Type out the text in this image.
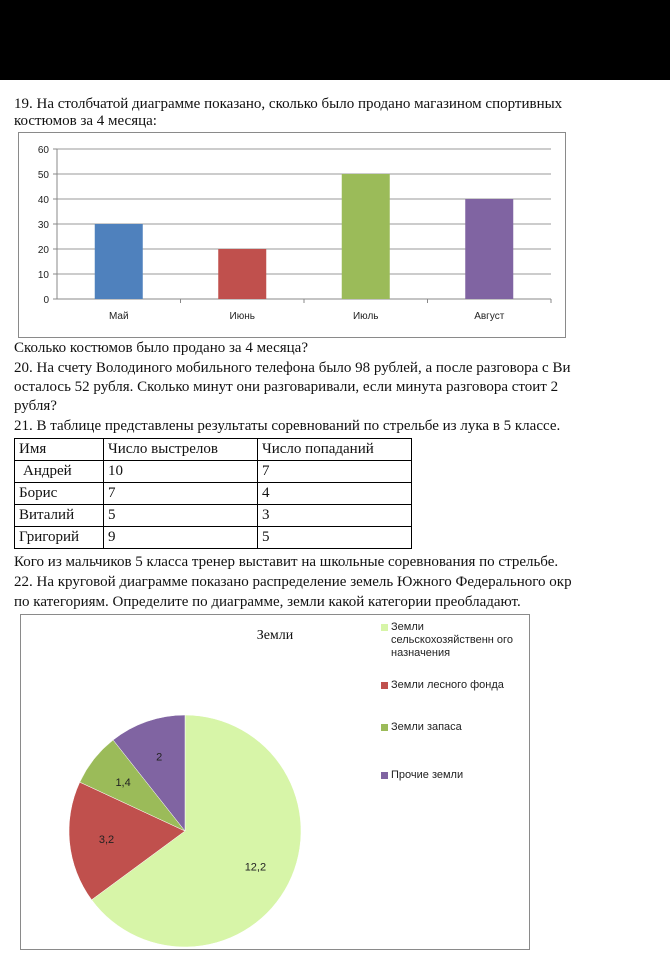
19. На столбчатой диаграмме показано, сколько было продано магазином спортивных
костюмов за 4 месяца:
0
10
20
30
40
50
60
Май	Июнь	Июль	Август
Сколько костюмов было продано за 4 месяца?
20. На счету Володиного мобильного телефона было 98 рублей, а после разговора с Ви
осталось 52 рубля. Сколько минут они разговаривали, если минута разговора стоит 2
рубля?
21. В таблице представлены результаты соревнований по стрельбе из лука в 5 классе.
Имя	Число выстрелов	Число попаданий
Андрей	10	7
Борис	7	4
Виталий	5	3
Григорий	9	5
Кого из мальчиков 5 класса тренер выставит на школьные соревнования по стрельбе.
22. На круговой диаграмме показано распределение земель Южного Федерального окр
по категориям. Определите по диаграмме, земли какой категории преобладают.
Земли
12,2
3,2
1,4
2
Земли сельскохозяйственн ого назначения
Земли лесного фонда
Земли запаса
Прочие земли
